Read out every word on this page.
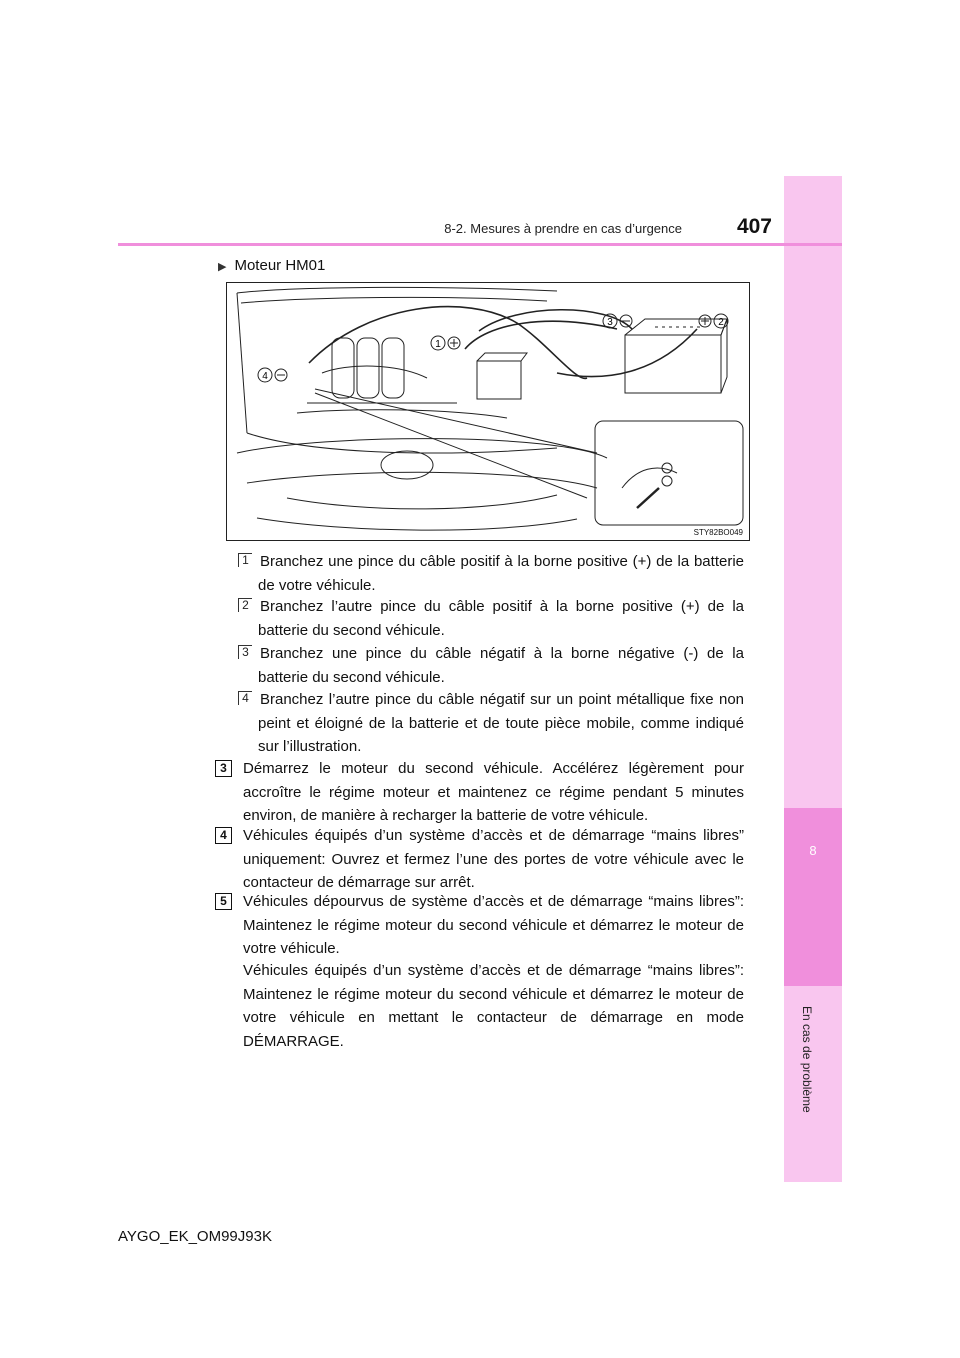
8
En cas de problème
8-2. Mesures à prendre en cas d’urgence	407
▶ Moteur HM01
1
2
3
4
STY82BO049
1 Branchez une pince du câble positif à la borne positive (+) de la batterie de votre véhicule.
2 Branchez l’autre pince du câble positif à la borne positive (+) de la batterie du second véhicule.
3 Branchez une pince du câble négatif à la borne négative (-) de la batterie du second véhicule.
4 Branchez l’autre pince du câble négatif sur un point métallique fixe non peint et éloigné de la batterie et de toute pièce mobile, comme indiqué sur l’illustration.
3	Démarrez le moteur du second véhicule. Accélérez légèrement pour accroître le régime moteur et maintenez ce régime pendant 5 minutes environ, de manière à recharger la batterie de votre véhicule.
4	Véhicules équipés d’un système d’accès et de démarrage “mains libres” uniquement: Ouvrez et fermez l’une des portes de votre véhicule avec le contacteur de démarrage sur arrêt.
5	Véhicules dépourvus de système d’accès et de démarrage “mains libres”: Maintenez le régime moteur du second véhicule et démarrez le moteur de votre véhicule.
Véhicules équipés d’un système d’accès et de démarrage “mains libres”: Maintenez le régime moteur du second véhicule et démarrez le moteur de votre véhicule en mettant le contacteur de démarrage en mode DÉMARRAGE.
AYGO_EK_OM99J93K
